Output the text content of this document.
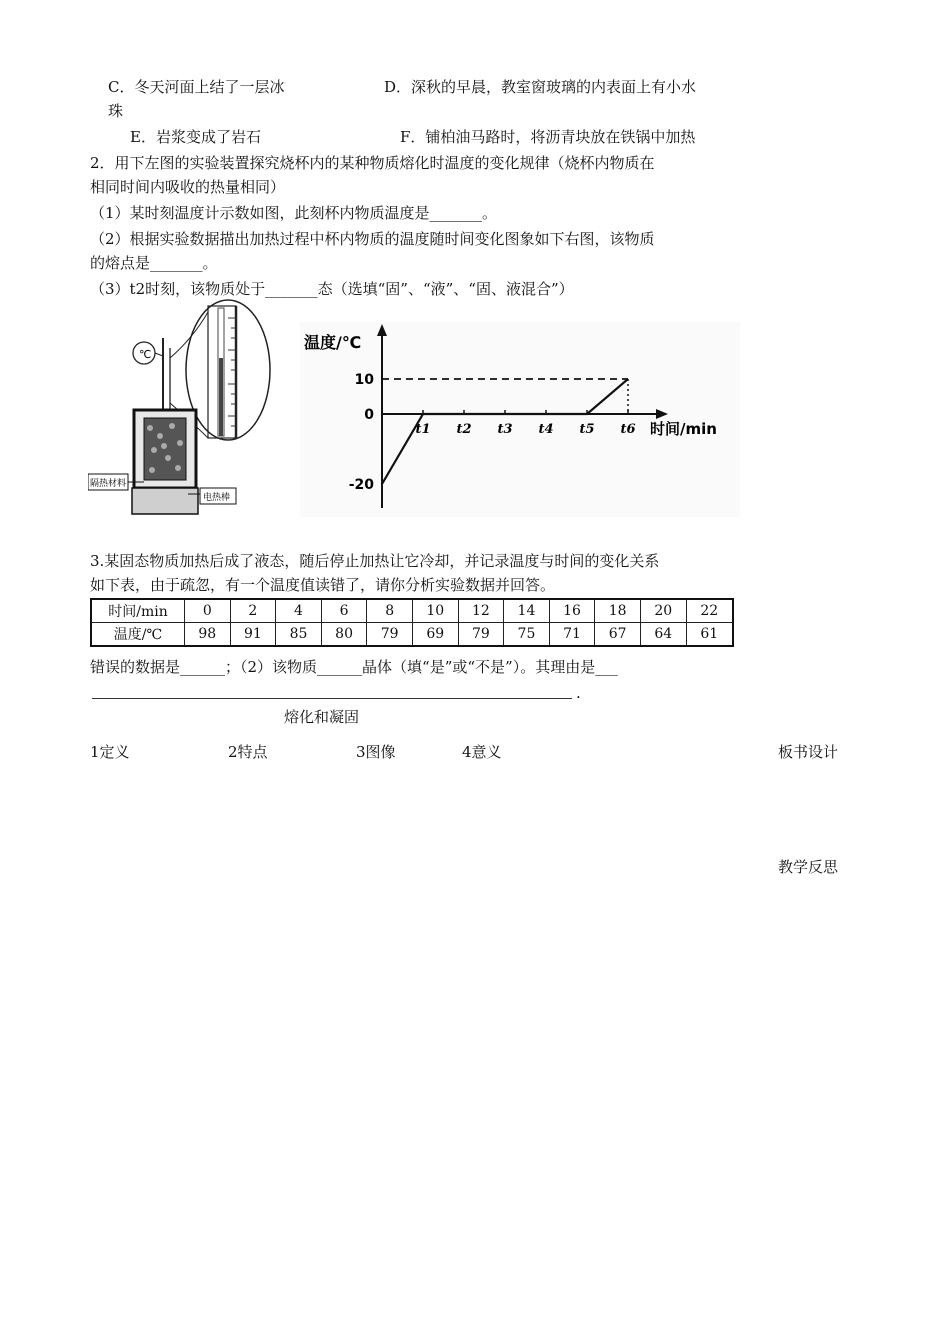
C．冬天河面上结了一层冰	D．深秋的早晨，教室窗玻璃的内表面上有小水
珠
E．岩浆变成了岩石	F．铺柏油马路时，将沥青块放在铁锅中加热
2．用下左图的实验装置探究烧杯内的某种物质熔化时温度的变化规律（烧杯内物质在
相同时间内吸收的热量相同）
（1）某时刻温度计示数如图，此刻杯内物质温度是_______。
（2）根据实验数据描出加热过程中杯内物质的温度随时间变化图象如下右图，该物质
的熔点是_______。
（3）t2时刻，该物质处于_______态（选填“固”、“液”、“固、液混合”）
℃
隔热材料
电热棒
温度/℃
时间/min
10
0
-20
t1 t2 t3 t4 t5 t6
3.某固态物质加热后成了液态，随后停止加热让它冷却，并记录温度与时间的变化关系
如下表，由于疏忽，有一个温度值读错了，请你分析实验数据并回答。
时间/min	0	2	4	6	8	10	12	14	16	18	20	22
温度/℃	98	91	85	80	79	69	79	75	71	67	64	61
错误的数据是______；（2）该物质______晶体（填“是”或“不是”）。其理由是___
.
熔化和凝固
1定义	2特点	3图像	4意义	板书设计
教学反思
